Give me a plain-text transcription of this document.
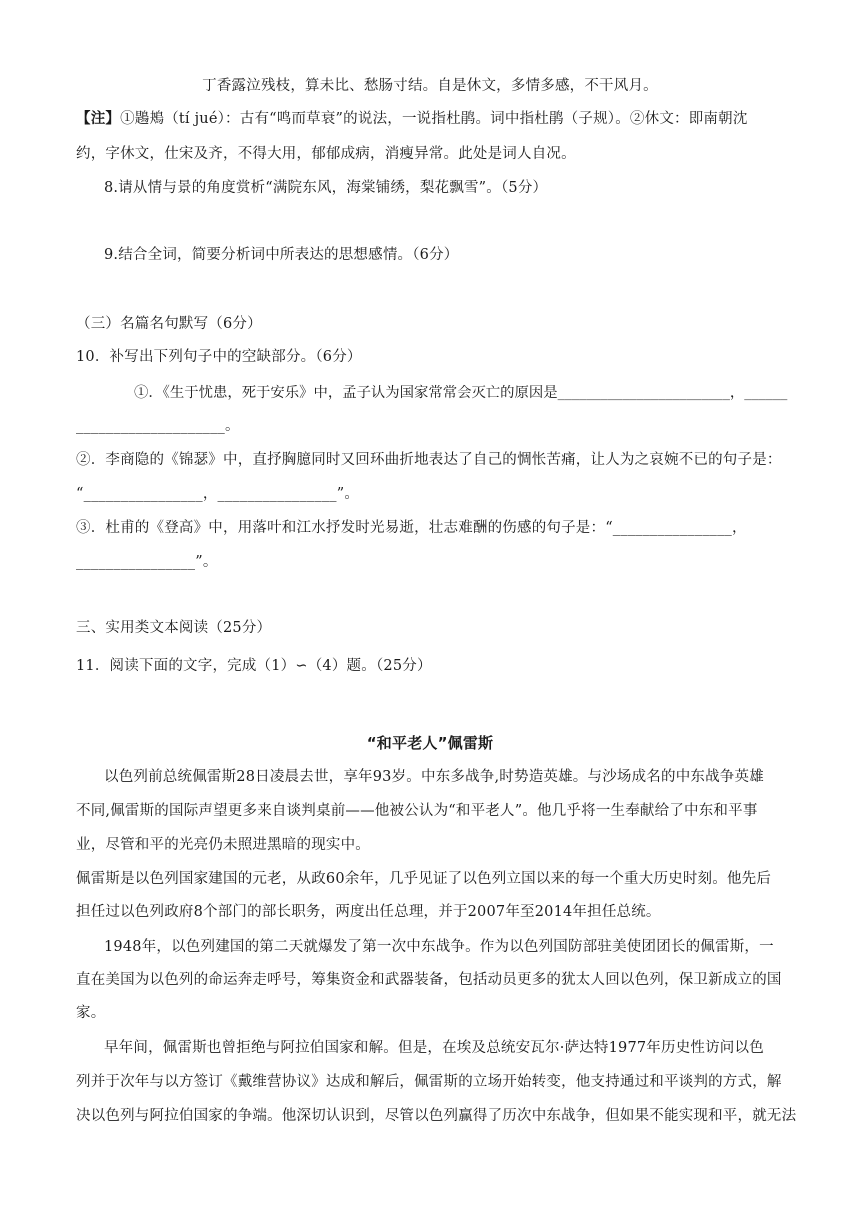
丁香露泣残枝，算未比、愁肠寸结。自是休文，多情多感，不干风月。
【注】①鶗鴂（tí jué）：古有“鸣而草衰”的说法，一说指杜鹃。词中指杜鹃（子规）。②休文：即南朝沈
约，字休文，仕宋及齐，不得大用，郁郁成病，消瘦异常。此处是词人自况。
8.请从情与景的角度赏析“满院东风，海棠铺绣，梨花飘雪”。（5分）
9.结合全词，简要分析词中所表达的思想感情。（6分）
（三）名篇名句默写（6分）
10．补写出下列句子中的空缺部分。（6分）
①．《生于忧患，死于安乐》中，孟子认为国家常常会灭亡的原因是________________________，______
____________________。
②．李商隐的《锦瑟》中，直抒胸臆同时又回环曲折地表达了自己的惆怅苦痛，让人为之哀婉不已的句子是：
“________________，________________”。
③．杜甫的《登高》中，用落叶和江水抒发时光易逝，壮志难酬的伤感的句子是：“________________，
________________”。
三、实用类文本阅读（25分）
11．阅读下面的文字，完成（1）∽（4）题。（25分）
“和平老人”佩雷斯
以色列前总统佩雷斯28日凌晨去世，享年93岁。中东多战争,时势造英雄。与沙场成名的中东战争英雄
不同,佩雷斯的国际声望更多来自谈判桌前——他被公认为“和平老人”。他几乎将一生奉献给了中东和平事
业，尽管和平的光亮仍未照进黑暗的现实中。
佩雷斯是以色列国家建国的元老，从政60余年，几乎见证了以色列立国以来的每一个重大历史时刻。他先后
担任过以色列政府8个部门的部长职务，两度出任总理，并于2007年至2014年担任总统。
1948年，以色列建国的第二天就爆发了第一次中东战争。作为以色列国防部驻美使团团长的佩雷斯，一
直在美国为以色列的命运奔走呼号，筹集资金和武器装备，包括动员更多的犹太人回以色列，保卫新成立的国
家。
早年间，佩雷斯也曾拒绝与阿拉伯国家和解。但是，在埃及总统安瓦尔·萨达特1977年历史性访问以色
列并于次年与以方签订《戴维营协议》达成和解后，佩雷斯的立场开始转变，他支持通过和平谈判的方式，解
决以色列与阿拉伯国家的争端。他深切认识到，尽管以色列赢得了历次中东战争，但如果不能实现和平，就无法
